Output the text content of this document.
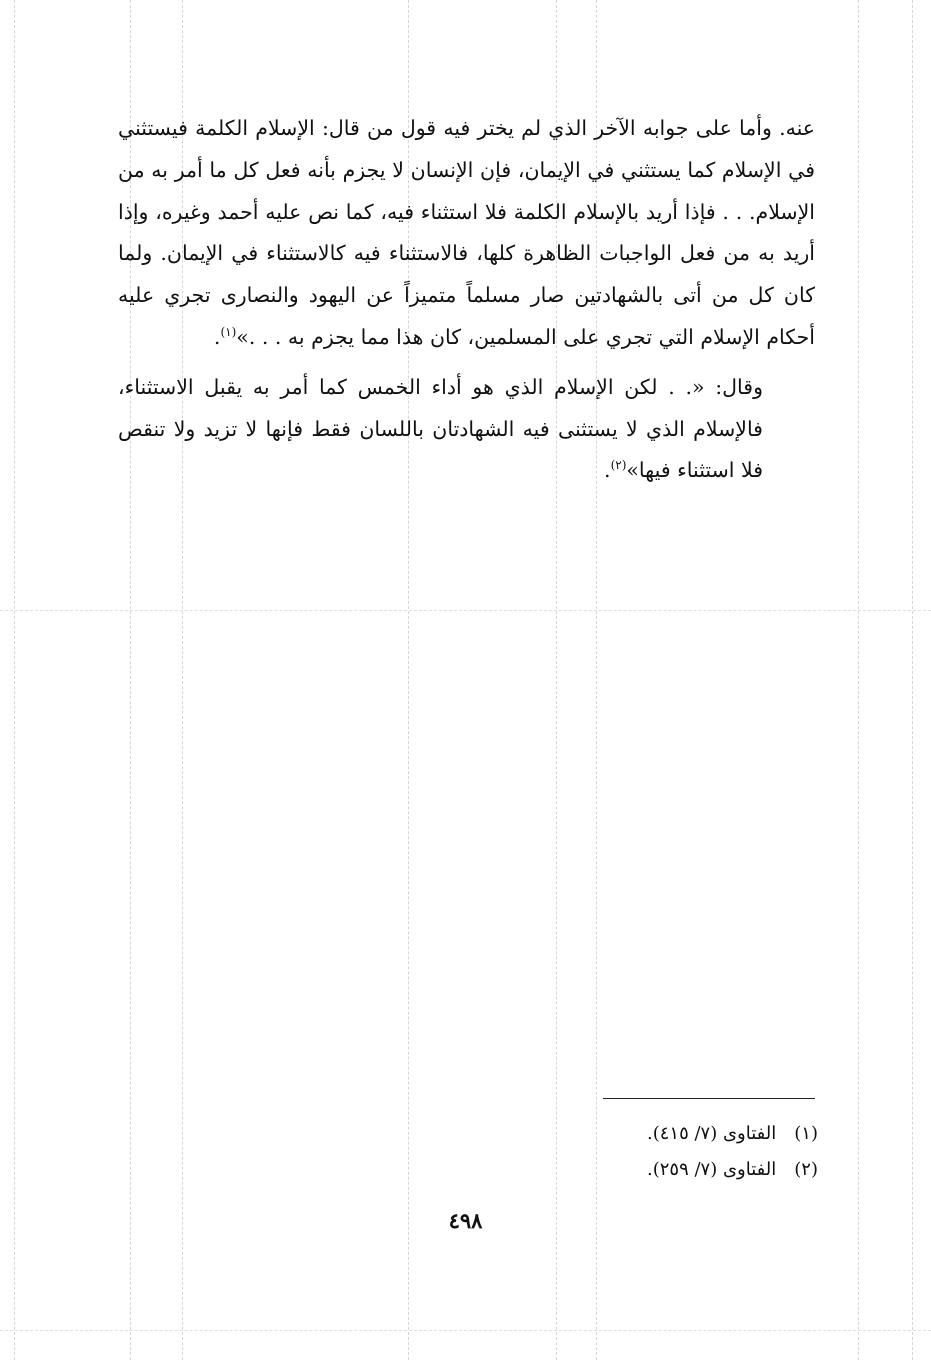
عنه. وأما على جوابه الآخر الذي لم يختر فيه قول من قال: الإسلام الكلمة فيستثني في الإسلام كما يستثني في الإيمان، فإن الإنسان لا يجزم بأنه فعل كل ما أمر به من الإسلام. . . فإذا أريد بالإسلام الكلمة فلا استثناء فيه، كما نص عليه أحمد وغيره، وإذا أريد به من فعل الواجبات الظاهرة كلها، فالاستثناء فيه كالاستثناء في الإيمان. ولما كان كل من أتى بالشهادتين صار مسلماً متميزاً عن اليهود والنصارى تجري عليه أحكام الإسلام التي تجري على المسلمين، كان هذا مما يجزم به . . .»$^{(١)}$.

وقال: «. . لكن الإسلام الذي هو أداء الخمس كما أمر به يقبل الاستثناء، فالإسلام الذي لا يستثنى فيه الشهادتان باللسان فقط فإنها لا تزيد ولا تنقص فلا استثناء فيها»$^{(٢)}$.

(١) الفتاوى (٧/ ٤١٥).

(٢) الفتاوى (٧/ ٢٥٩).

٤٩٨
